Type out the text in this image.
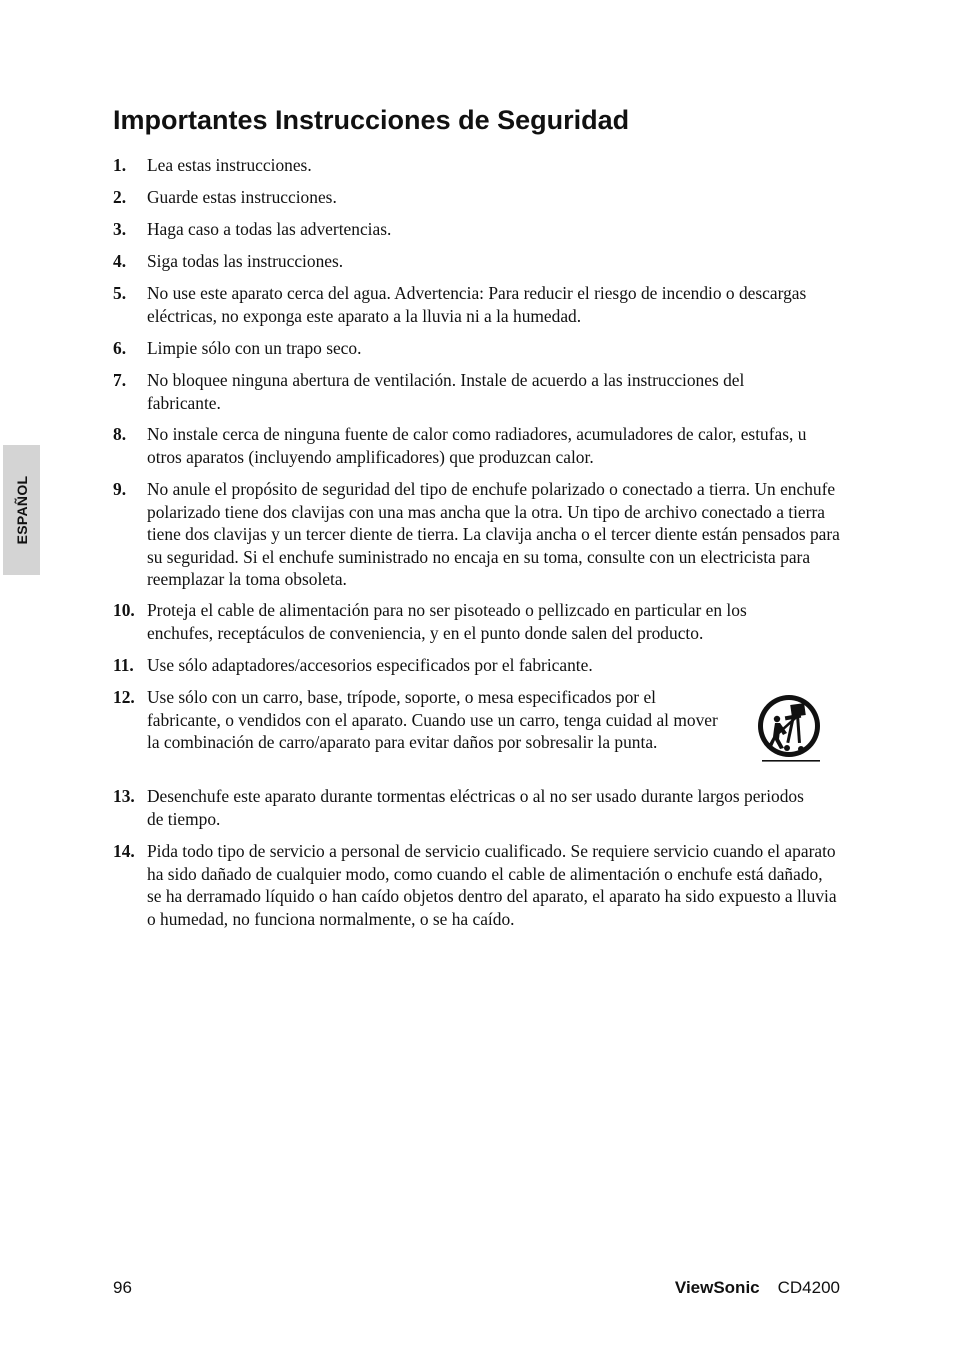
ESPAÑOL
Importantes Instrucciones de Seguridad
1. Lea estas instrucciones.
2. Guarde estas instrucciones.
3. Haga caso a todas las advertencias.
4. Siga todas las instrucciones.
5. No use este aparato cerca del agua. Advertencia: Para reducir el riesgo de incendio o descargas eléctricas, no exponga este aparato a la lluvia ni a la humedad.
6. Limpie sólo con un trapo seco.
7. No bloquee ninguna abertura de ventilación. Instale de acuerdo a las instrucciones del fabricante.
8. No instale cerca de ninguna fuente de calor como radiadores, acumuladores de calor, estufas, u otros aparatos (incluyendo amplificadores) que produzcan calor.
9. No anule el propósito de seguridad del tipo de enchufe polarizado o conectado a tierra. Un enchufe polarizado tiene dos clavijas con una mas ancha que la otra. Un tipo de archivo conectado a tierra tiene dos clavijas y un tercer diente de tierra. La clavija ancha o el tercer diente están pensados para su seguridad. Si el enchufe suministrado no encaja en su toma, consulte con un electricista para reemplazar la toma obsoleta.
10. Proteja el cable de alimentación para no ser pisoteado o pellizcado en particular en los enchufes, receptáculos de conveniencia, y en el punto donde salen del producto.
11. Use sólo adaptadores/accesorios especificados por el fabricante.
12. Use sólo con un carro, base, trípode, soporte, o mesa especificados por el fabricante, o vendidos con el aparato. Cuando use un carro, tenga cuidad al mover la combinación de carro/aparato para evitar daños por sobresalir la punta.
13. Desenchufe este aparato durante tormentas eléctricas o al no ser usado durante largos periodos de tiempo.
14. Pida todo tipo de servicio a personal de servicio cualificado. Se requiere servicio cuando el aparato ha sido dañado de cualquier modo, como cuando el cable de alimentación o enchufe está dañado, se ha derramado líquido o han caído objetos dentro del aparato, el aparato ha sido expuesto a lluvia o humedad, no funciona normalmente, o se ha caído.
96	ViewSonic CD4200
